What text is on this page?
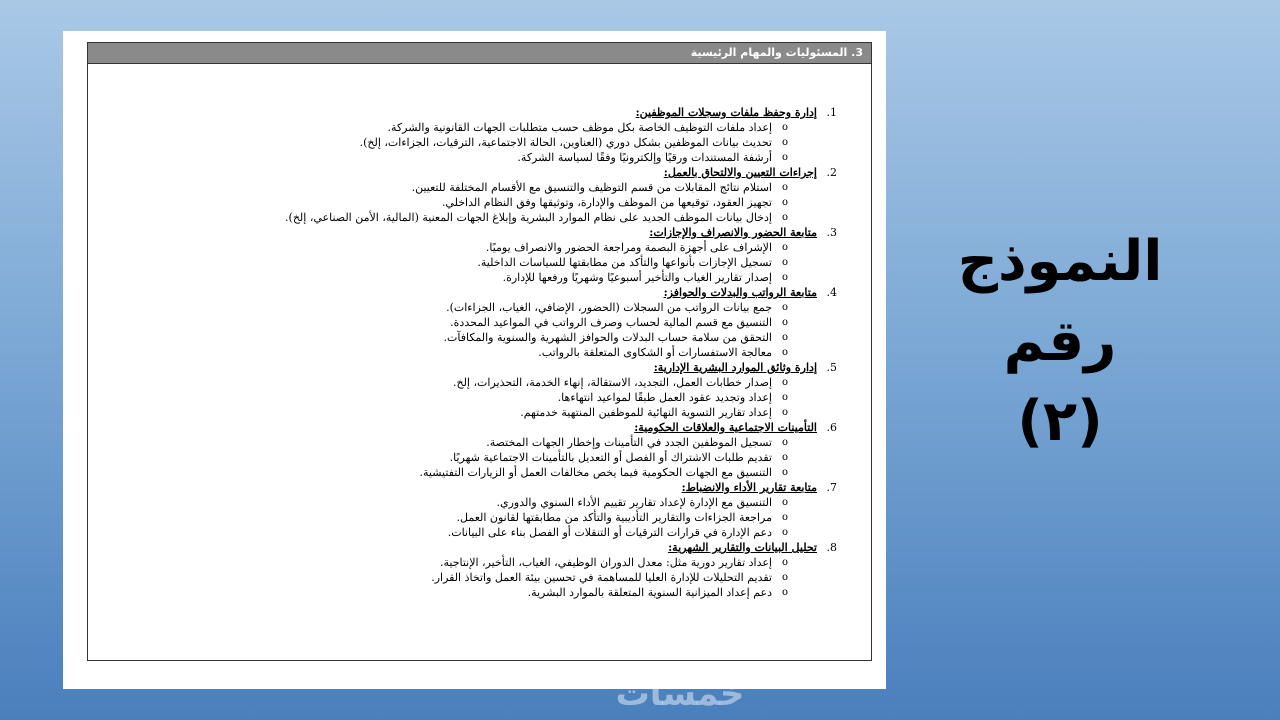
3. المسئوليات والمهام الرئيسية
1.
إدارة وحفظ ملفات وسجلات الموظفين:
o
إعداد ملفات التوظيف الخاصة بكل موظف حسب متطلبات الجهات القانونية والشركة.
o
تحديث بيانات الموظفين بشكل دوري (العناوين، الحالة الاجتماعية، الترقيات، الجزاءات، إلخ).
o
أرشفة المستندات ورقيًا وإلكترونيًا وفقًا لسياسة الشركة.
2.
إجراءات التعيين والالتحاق بالعمل:
o
استلام نتائج المقابلات من قسم التوظيف والتنسيق مع الأقسام المختلفة للتعيين.
o
تجهيز العقود، توقيعها من الموظف والإدارة، وتوثيقها وفق النظام الداخلي.
o
إدخال بيانات الموظف الجديد على نظام الموارد البشرية وإبلاغ الجهات المعنية (المالية، الأمن الصناعي، إلخ).
3.
متابعة الحضور والانصراف والإجازات:
o
الإشراف على أجهزة البصمة ومراجعة الحضور والانصراف يوميًا.
o
تسجيل الإجازات بأنواعها والتأكد من مطابقتها للسياسات الداخلية.
o
إصدار تقارير الغياب والتأخير أسبوعيًا وشهريًا ورفعها للإدارة.
4.
متابعة الرواتب والبدلات والحوافز:
o
جمع بيانات الرواتب من السجلات (الحضور، الإضافي، الغياب، الجزاءات).
o
التنسيق مع قسم المالية لحساب وصرف الرواتب في المواعيد المحددة.
o
التحقق من سلامة حساب البدلات والحوافز الشهرية والسنوية والمكافآت.
o
معالجة الاستفسارات أو الشكاوى المتعلقة بالرواتب.
5.
إدارة وثائق الموارد البشرية الإدارية:
o
إصدار خطابات العمل، التجديد، الاستقالة، إنهاء الخدمة، التحذيرات، إلخ.
o
إعداد وتجديد عقود العمل طبقًا لمواعيد انتهاءها.
o
إعداد تقارير التسوية النهائية للموظفين المنتهية خدمتهم.
6.
التأمينات الاجتماعية والعلاقات الحكومية:
o
تسجيل الموظفين الجدد في التأمينات وإخطار الجهات المختصة.
o
تقديم طلبات الاشتراك أو الفصل أو التعديل بالتأمينات الاجتماعية شهريًا.
o
التنسيق مع الجهات الحكومية فيما يخص مخالفات العمل أو الزيارات التفتيشية.
7.
متابعة تقارير الأداء والانضباط:
o
التنسيق مع الإدارة لإعداد تقارير تقييم الأداء السنوي والدوري.
o
مراجعة الجزاءات والتقارير التأديبية والتأكد من مطابقتها لقانون العمل.
o
دعم الإدارة في قرارات الترقيات أو التنقلات أو الفصل بناء على البيانات.
8.
تحليل البيانات والتقارير الشهرية:
o
إعداد تقارير دورية مثل: معدل الدوران الوظيفي، الغياب، التأخير، الإنتاجية.
o
تقديم التحليلات للإدارة العليا للمساهمة في تحسين بيئة العمل واتخاذ القرار.
o
دعم إعداد الميزانية السنوية المتعلقة بالموارد البشرية.
النموذج رقم
(٢)
خمسات
